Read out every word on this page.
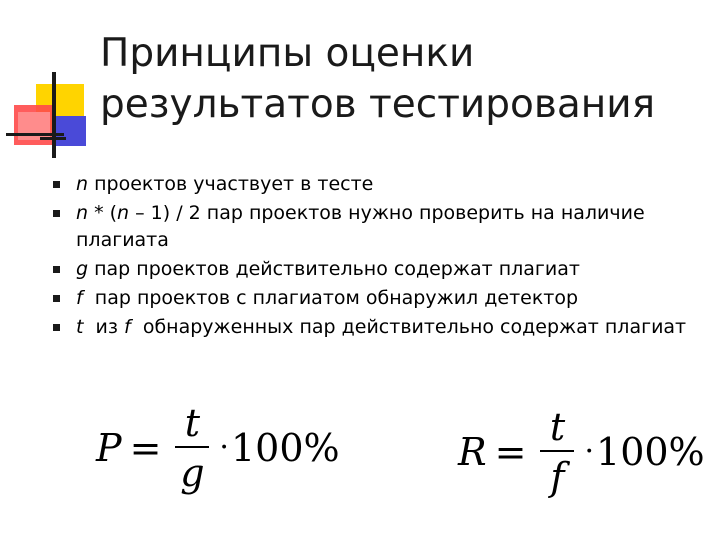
Принципы оценки
результатов тестирования
n проектов участвует в тесте
n * (n – 1) / 2 пар проектов нужно проверить на наличие плагиата
g пар проектов действительно содержат плагиат
f  пар проектов с плагиатом обнаружил детектор
t  из f  обнаруженных пар действительно содержат плагиат
$P = \frac{t}{g} \cdot 100\%$	$R = \frac{t}{f} \cdot 100\%$
